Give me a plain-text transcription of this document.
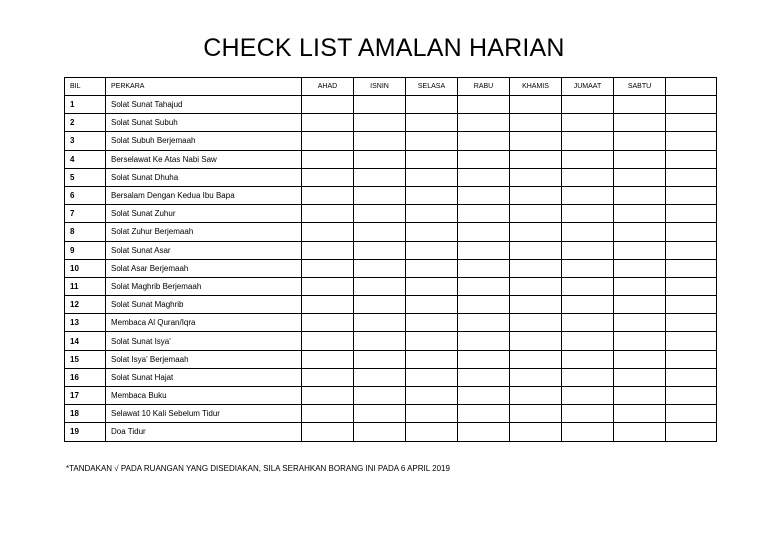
CHECK LIST AMALAN HARIAN
BIL	PERKARA	AHAD	ISNIN	SELASA	RABU	KHAMIS	JUMAAT	SABTU	
1	Solat Sunat Tahajud								
2	Solat Sunat Subuh								
3	Solat Subuh Berjemaah								
4	Berselawat Ke Atas Nabi Saw								
5	Solat Sunat Dhuha								
6	Bersalam Dengan Kedua Ibu Bapa								
7	Solat Sunat Zuhur								
8	Solat Zuhur Berjemaah								
9	Solat Sunat Asar								
10	Solat Asar Berjemaah								
11	Solat Maghrib Berjemaah								
12	Solat Sunat Maghrib								
13	Membaca Al Quran/Iqra								
14	Solat Sunat Isya'								
15	Solat Isya' Berjemaah								
16	Solat Sunat Hajat								
17	Membaca Buku								
18	Selawat 10 Kali Sebelum Tidur								
19	Doa Tidur								
*TANDAKAN √ PADA RUANGAN YANG DISEDIAKAN, SILA SERAHKAN BORANG INI PADA 6 APRIL 2019
